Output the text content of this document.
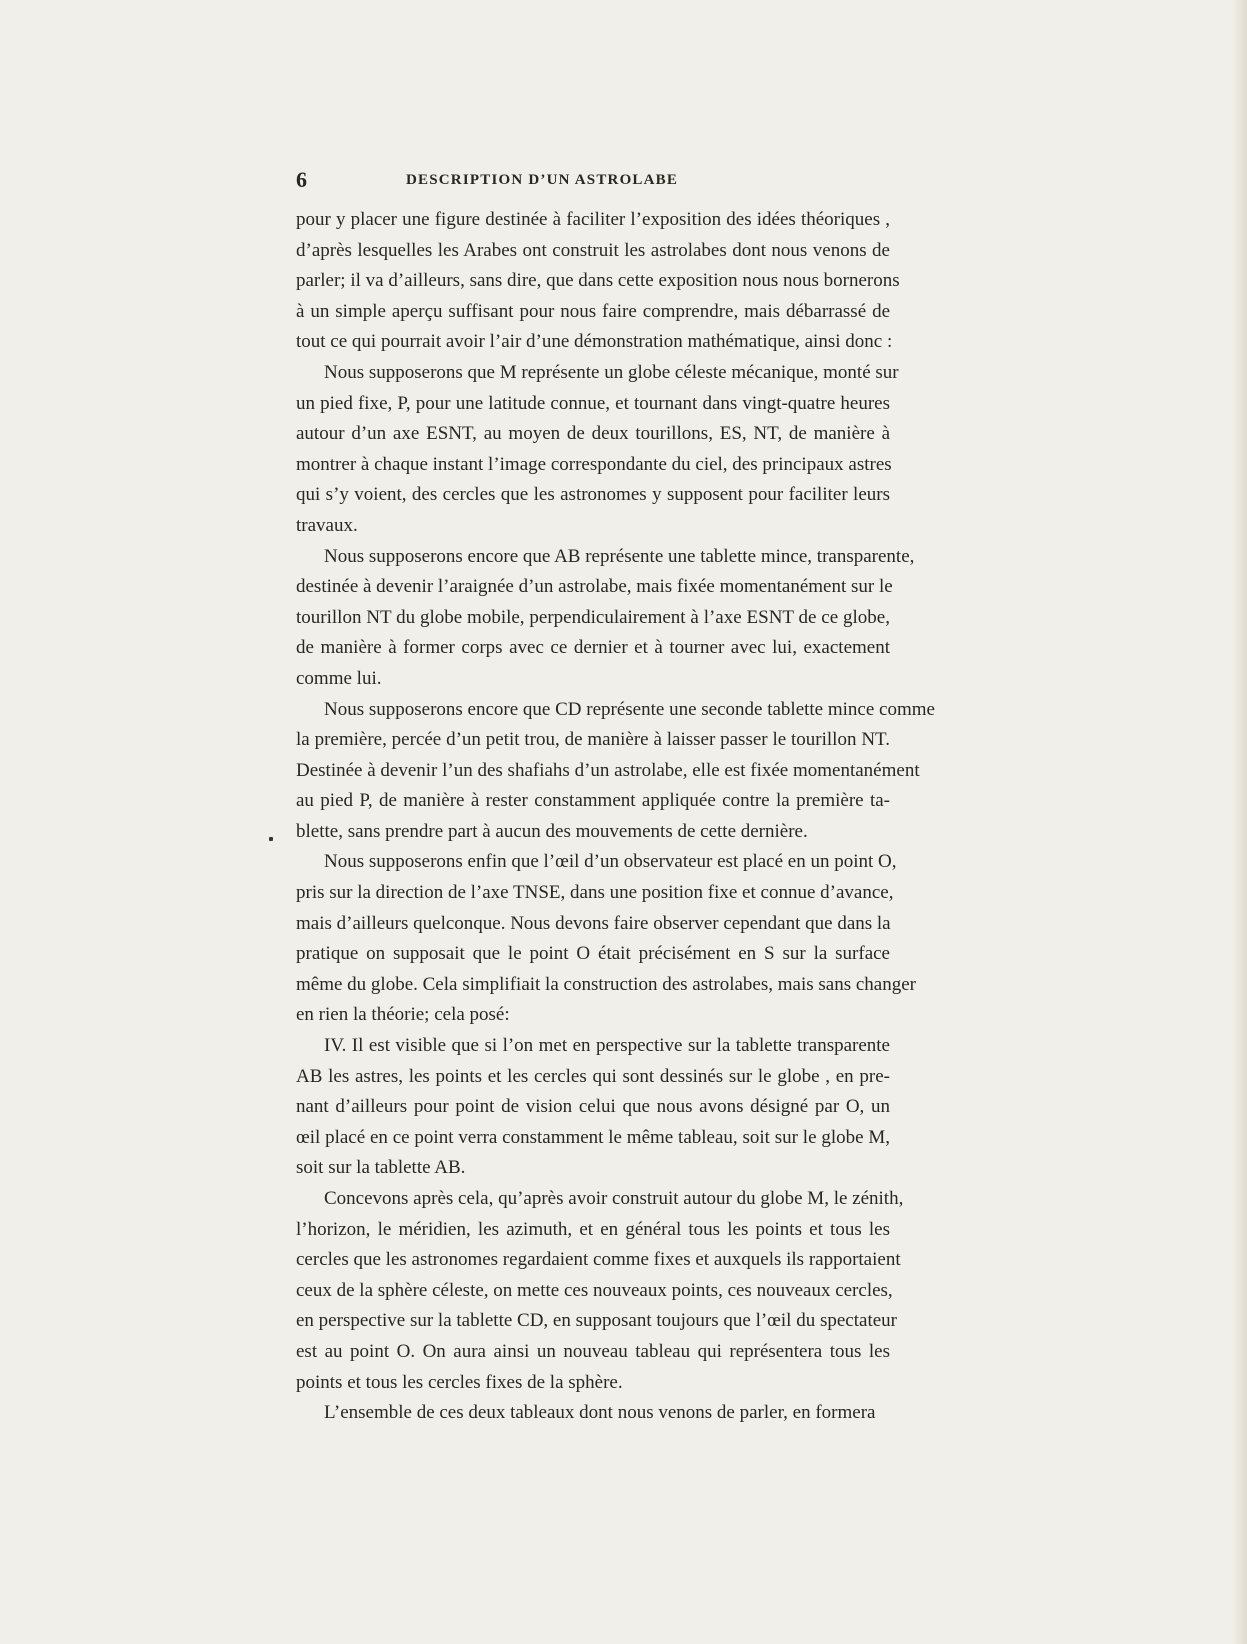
6	DESCRIPTION D’UN ASTROLABE
pour y placer une figure destinée à faciliter l’exposition des idées théoriques ,
d’après lesquelles les Arabes ont construit les astrolabes dont nous venons de
parler; il va d’ailleurs, sans dire, que dans cette exposition nous nous bornerons
à un simple aperçu suffisant pour nous faire comprendre, mais débarrassé de
tout ce qui pourrait avoir l’air d’une démonstration mathématique, ainsi donc :
Nous supposerons que M représente un globe céleste mécanique, monté sur
un pied fixe, P, pour une latitude connue, et tournant dans vingt-quatre heures
autour d’un axe ESNT, au moyen de deux tourillons, ES, NT, de manière à
montrer à chaque instant l’image correspondante du ciel, des principaux astres
qui s’y voient, des cercles que les astronomes y supposent pour faciliter leurs
travaux.
Nous supposerons encore que AB représente une tablette mince, transparente,
destinée à devenir l’araignée d’un astrolabe, mais fixée momentanément sur le
tourillon NT du globe mobile, perpendiculairement à l’axe ESNT de ce globe,
de manière à former corps avec ce dernier et à tourner avec lui, exactement
comme lui.
Nous supposerons encore que CD représente une seconde tablette mince comme
la première, percée d’un petit trou, de manière à laisser passer le tourillon NT.
Destinée à devenir l’un des shafiahs d’un astrolabe, elle est fixée momentanément
au pied P, de manière à rester constamment appliquée contre la première ta-
blette, sans prendre part à aucun des mouvements de cette dernière.
Nous supposerons enfin que l’œil d’un observateur est placé en un point O,
pris sur la direction de l’axe TNSE, dans une position fixe et connue d’avance,
mais d’ailleurs quelconque. Nous devons faire observer cependant que dans la
pratique on supposait que le point O était précisément en S sur la surface
même du globe. Cela simplifiait la construction des astrolabes, mais sans changer
en rien la théorie; cela posé:
IV. Il est visible que si l’on met en perspective sur la tablette transparente
AB les astres, les points et les cercles qui sont dessinés sur le globe , en pre-
nant d’ailleurs pour point de vision celui que nous avons désigné par O, un
œil placé en ce point verra constamment le même tableau, soit sur le globe M,
soit sur la tablette AB.
Concevons après cela, qu’après avoir construit autour du globe M, le zénith,
l’horizon, le méridien, les azimuth, et en général tous les points et tous les
cercles que les astronomes regardaient comme fixes et auxquels ils rapportaient
ceux de la sphère céleste, on mette ces nouveaux points, ces nouveaux cercles,
en perspective sur la tablette CD, en supposant toujours que l’œil du spectateur
est au point O. On aura ainsi un nouveau tableau qui représentera tous les
points et tous les cercles fixes de la sphère.
L’ensemble de ces deux tableaux dont nous venons de parler, en formera
